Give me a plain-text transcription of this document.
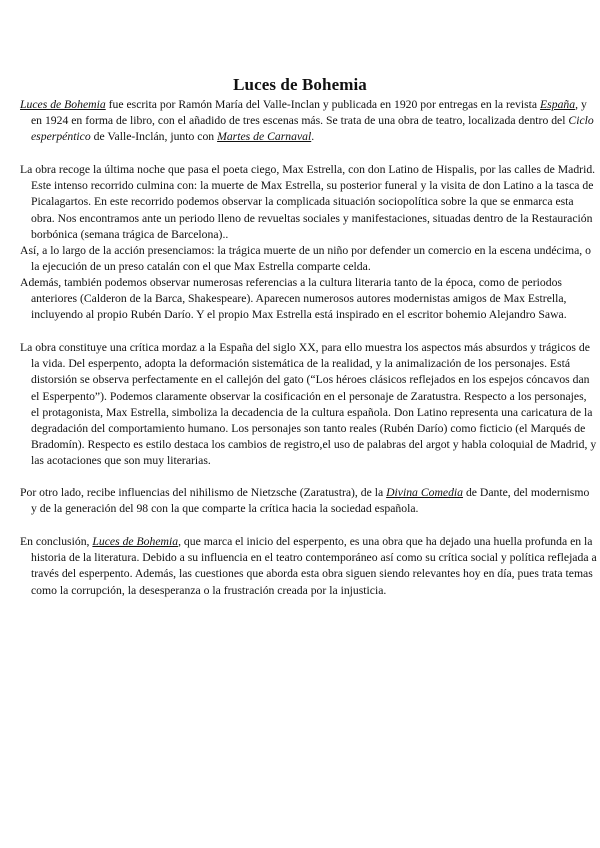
Luces de Bohemia

Luces de Bohemia fue escrita por Ramón María del Valle-Inclan y publicada en 1920 por entregas en la revista España, y en 1924 en forma de libro, con el añadido de tres escenas más. Se trata de una obra de teatro, localizada dentro del Ciclo esperpéntico de Valle-Inclán, junto con Martes de Carnaval.

La obra recoge la última noche que pasa el poeta ciego, Max Estrella, con don Latino de Hispalis, por las calles de Madrid. Este intenso recorrido culmina con: la muerte de Max Estrella, su posterior funeral y la visita de don Latino a la tasca de Picalagartos. En este recorrido podemos observar la complicada situación sociopolítica sobre la que se enmarca esta obra. Nos encontramos ante un periodo lleno de revueltas sociales y manifestaciones, situadas dentro de la Restauración borbónica (semana trágica de Barcelona)..

Así, a lo largo de la acción presenciamos: la trágica muerte de un niño por defender un comercio en la escena undécima, o la ejecución de un preso catalán con el que Max Estrella comparte celda.

Además, también podemos observar numerosas referencias a la cultura literaria tanto de la época, como de periodos anteriores (Calderon de la Barca, Shakespeare). Aparecen numerosos autores modernistas amigos de Max Estrella, incluyendo al propio Rubén Darío. Y el propio Max Estrella está inspirado en el escritor bohemio Alejandro Sawa.

La obra constituye una crítica mordaz a la España del siglo XX, para ello muestra los aspectos más absurdos y trágicos de la vida. Del esperpento, adopta la deformación sistemática de la realidad, y la animalización de los personajes. Está distorsión se observa perfectamente en el callejón del gato (“Los héroes clásicos reflejados en los espejos cóncavos dan el Esperpento”). Podemos claramente observar la cosificación en el personaje de Zaratustra. Respecto a los personajes, el protagonista, Max Estrella, simboliza la decadencia de la cultura española. Don Latino representa una caricatura de la degradación del comportamiento humano. Los personajes son tanto reales (Rubén Darío) como ficticio (el Marqués de Bradomín). Respecto es estilo destaca los cambios de registro,el uso de palabras del argot y habla coloquial de Madrid, y las acotaciones que son muy literarias.

Por otro lado, recibe influencias del nihilismo de Nietzsche (Zaratustra), de la Divina Comedia de Dante, del modernismo y de la generación del 98 con la que comparte la crítica hacia la sociedad española.

En conclusión, Luces de Bohemia, que marca el inicio del esperpento, es una obra que ha dejado una huella profunda en la historia de la literatura. Debido a su influencia en el teatro contemporáneo así como su crítica social y política reflejada a través del esperpento. Además, las cuestiones que aborda esta obra siguen siendo relevantes hoy en día, pues trata temas como la corrupción, la desesperanza o la frustración creada por la injusticia.
